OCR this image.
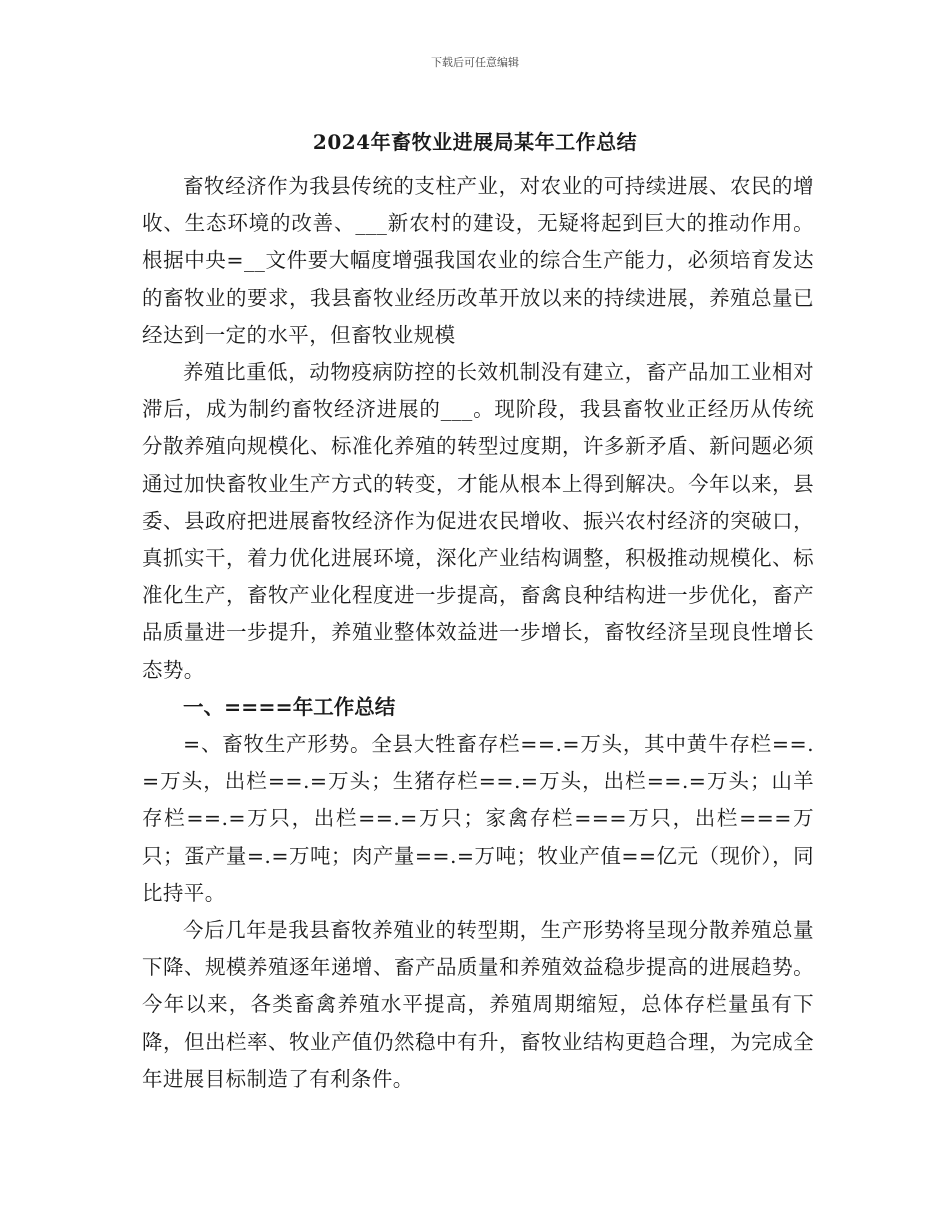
下载后可任意编辑
2024年畜牧业进展局某年工作总结

畜牧经济作为我县传统的支柱产业，对农业的可持续进展、农民的增收、生态环境的改善、___新农村的建设，无疑将起到巨大的推动作用。根据中央=__文件要大幅度增强我国农业的综合生产能力，必须培育发达的畜牧业的要求，我县畜牧业经历改革开放以来的持续进展，养殖总量已经达到一定的水平，但畜牧业规模

养殖比重低，动物疫病防控的长效机制没有建立，畜产品加工业相对滞后，成为制约畜牧经济进展的___。现阶段，我县畜牧业正经历从传统分散养殖向规模化、标准化养殖的转型过度期，许多新矛盾、新问题必须通过加快畜牧业生产方式的转变，才能从根本上得到解决。今年以来，县委、县政府把进展畜牧经济作为促进农民增收、振兴农村经济的突破口，真抓实干，着力优化进展环境，深化产业结构调整，积极推动规模化、标准化生产，畜牧产业化程度进一步提高，畜禽良种结构进一步优化，畜产品质量进一步提升，养殖业整体效益进一步增长，畜牧经济呈现良性增长态势。

一、====年工作总结

=、畜牧生产形势。全县大牲畜存栏==.=万头，其中黄牛存栏==.=万头，出栏==.=万头；生猪存栏==.=万头，出栏==.=万头；山羊存栏==.=万只，出栏==.=万只；家禽存栏===万只，出栏===万只；蛋产量=.=万吨；肉产量==.=万吨；牧业产值==亿元（现价），同比持平。

今后几年是我县畜牧养殖业的转型期，生产形势将呈现分散养殖总量下降、规模养殖逐年递增、畜产品质量和养殖效益稳步提高的进展趋势。今年以来，各类畜禽养殖水平提高，养殖周期缩短，总体存栏量虽有下降，但出栏率、牧业产值仍然稳中有升，畜牧业结构更趋合理，为完成全年进展目标制造了有利条件。
